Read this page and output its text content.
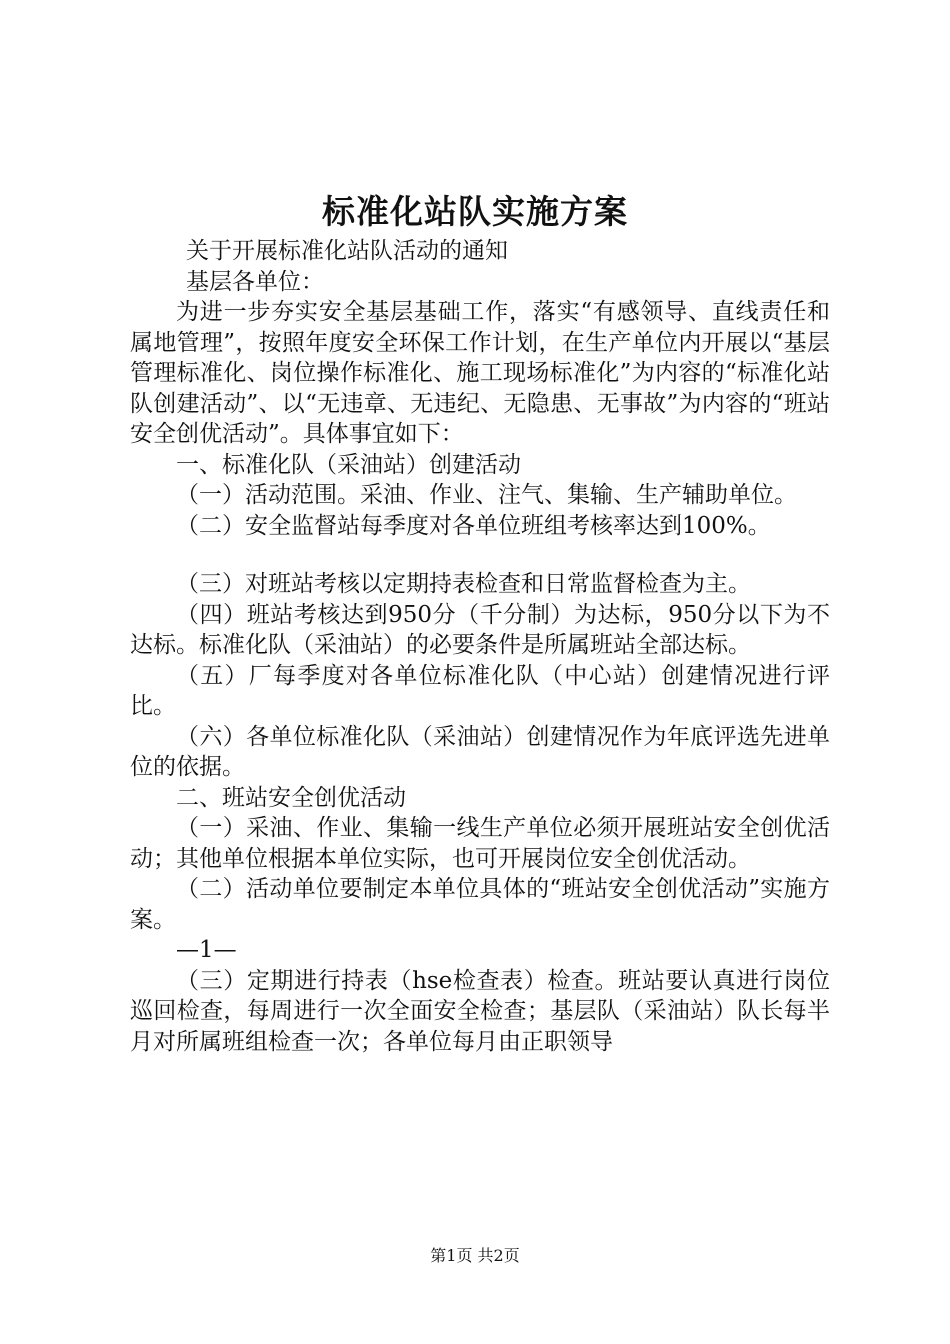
标准化站队实施方案

关于开展标准化站队活动的通知

基层各单位：

为进一步夯实安全基层基础工作，落实“有感领导、直线责任和属地管理”，按照年度安全环保工作计划，在生产单位内开展以“基层管理标准化、岗位操作标准化、施工现场标准化”为内容的“标准化站队创建活动”、以“无违章、无违纪、无隐患、无事故”为内容的“班站安全创优活动”。具体事宜如下：

一、标准化队（采油站）创建活动

（一）活动范围。采油、作业、注气、集输、生产辅助单位。

（二）安全监督站每季度对各单位班组考核率达到100%。

（三）对班站考核以定期持表检查和日常监督检查为主。

（四）班站考核达到950分（千分制）为达标，950分以下为不达标。标准化队（采油站）的必要条件是所属班站全部达标。

（五）厂每季度对各单位标准化队（中心站）创建情况进行评比。

（六）各单位标准化队（采油站）创建情况作为年底评选先进单位的依据。

二、班站安全创优活动

（一）采油、作业、集输一线生产单位必须开展班站安全创优活动；其他单位根据本单位实际，也可开展岗位安全创优活动。

（二）活动单位要制定本单位具体的“班站安全创优活动”实施方案。

—1—

（三）定期进行持表（hse检查表）检查。班站要认真进行岗位巡回检查，每周进行一次全面安全检查；基层队（采油站）队长每半月对所属班组检查一次；各单位每月由正职领导

第1页 共2页
